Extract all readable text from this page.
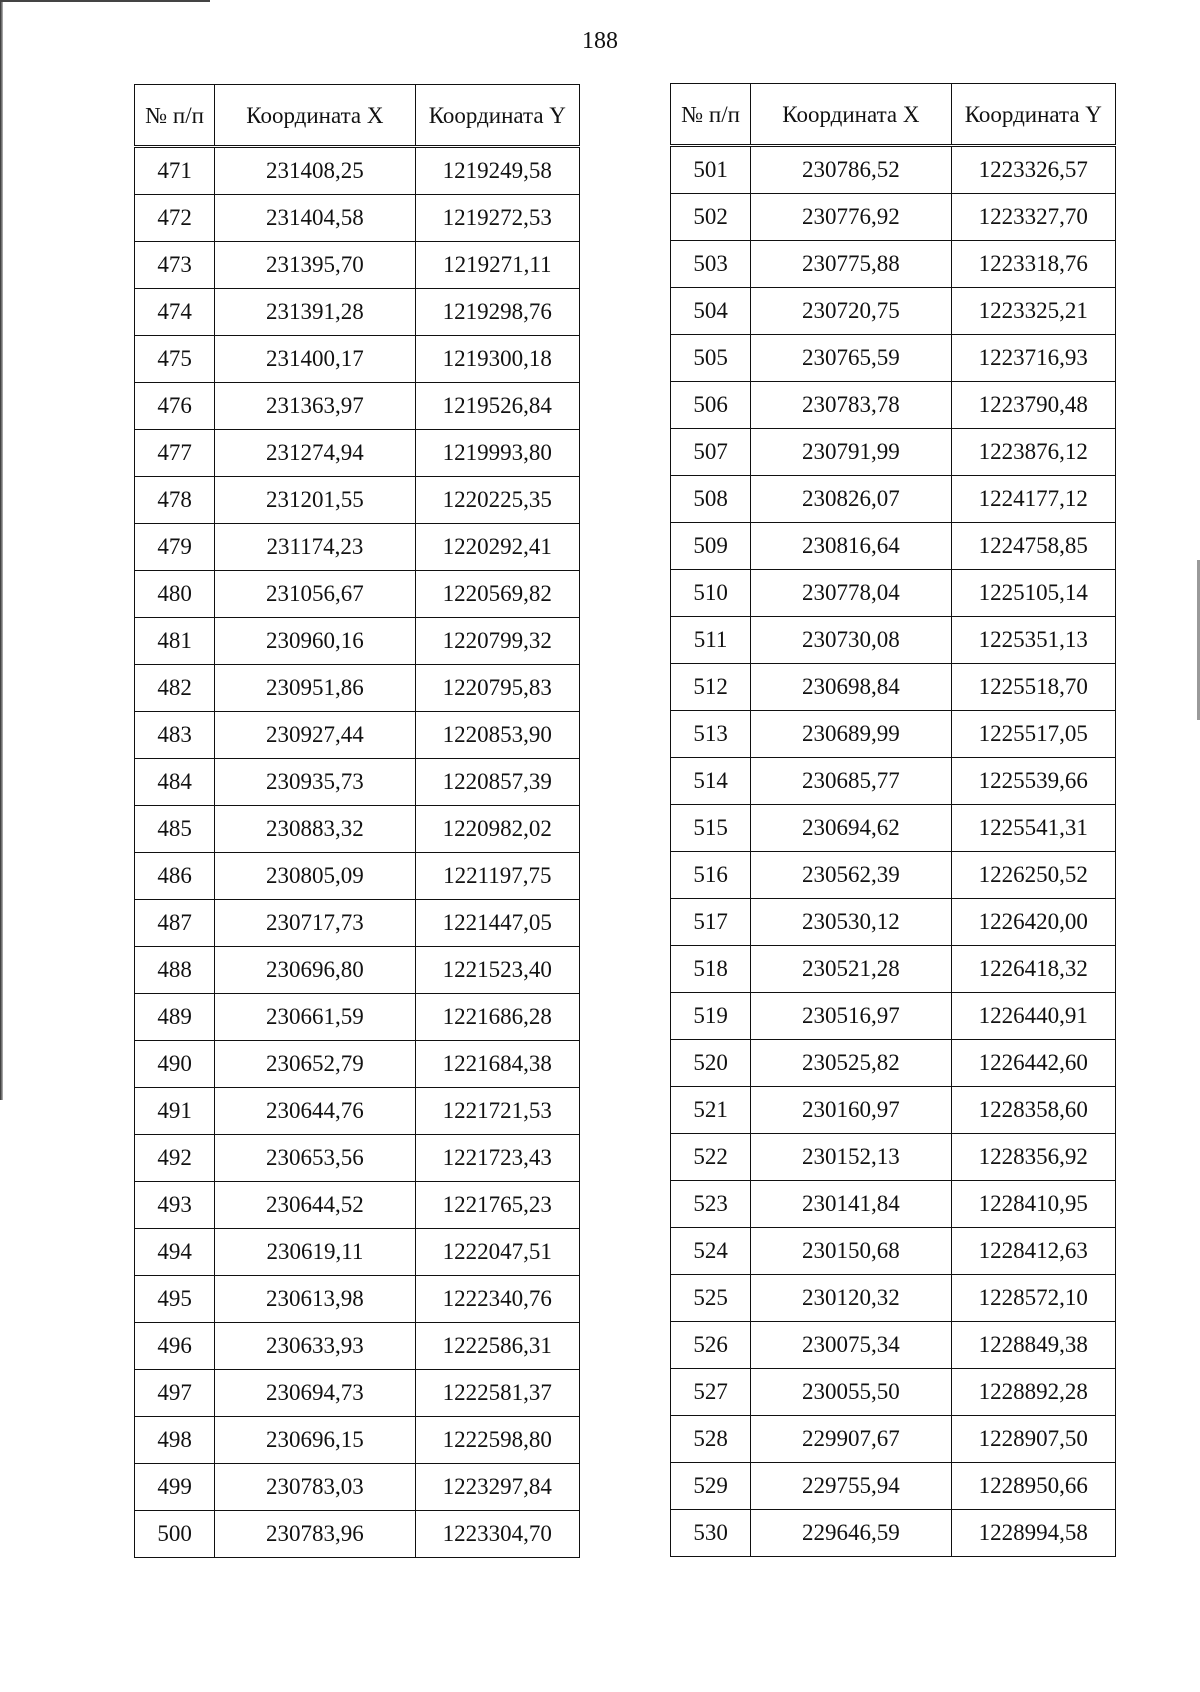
188
№ п/п	Координата X	Координата Y
471	231408,25	1219249,58
472	231404,58	1219272,53
473	231395,70	1219271,11
474	231391,28	1219298,76
475	231400,17	1219300,18
476	231363,97	1219526,84
477	231274,94	1219993,80
478	231201,55	1220225,35
479	231174,23	1220292,41
480	231056,67	1220569,82
481	230960,16	1220799,32
482	230951,86	1220795,83
483	230927,44	1220853,90
484	230935,73	1220857,39
485	230883,32	1220982,02
486	230805,09	1221197,75
487	230717,73	1221447,05
488	230696,80	1221523,40
489	230661,59	1221686,28
490	230652,79	1221684,38
491	230644,76	1221721,53
492	230653,56	1221723,43
493	230644,52	1221765,23
494	230619,11	1222047,51
495	230613,98	1222340,76
496	230633,93	1222586,31
497	230694,73	1222581,37
498	230696,15	1222598,80
499	230783,03	1223297,84
500	230783,96	1223304,70
№ п/п	Координата X	Координата Y
501	230786,52	1223326,57
502	230776,92	1223327,70
503	230775,88	1223318,76
504	230720,75	1223325,21
505	230765,59	1223716,93
506	230783,78	1223790,48
507	230791,99	1223876,12
508	230826,07	1224177,12
509	230816,64	1224758,85
510	230778,04	1225105,14
511	230730,08	1225351,13
512	230698,84	1225518,70
513	230689,99	1225517,05
514	230685,77	1225539,66
515	230694,62	1225541,31
516	230562,39	1226250,52
517	230530,12	1226420,00
518	230521,28	1226418,32
519	230516,97	1226440,91
520	230525,82	1226442,60
521	230160,97	1228358,60
522	230152,13	1228356,92
523	230141,84	1228410,95
524	230150,68	1228412,63
525	230120,32	1228572,10
526	230075,34	1228849,38
527	230055,50	1228892,28
528	229907,67	1228907,50
529	229755,94	1228950,66
530	229646,59	1228994,58
